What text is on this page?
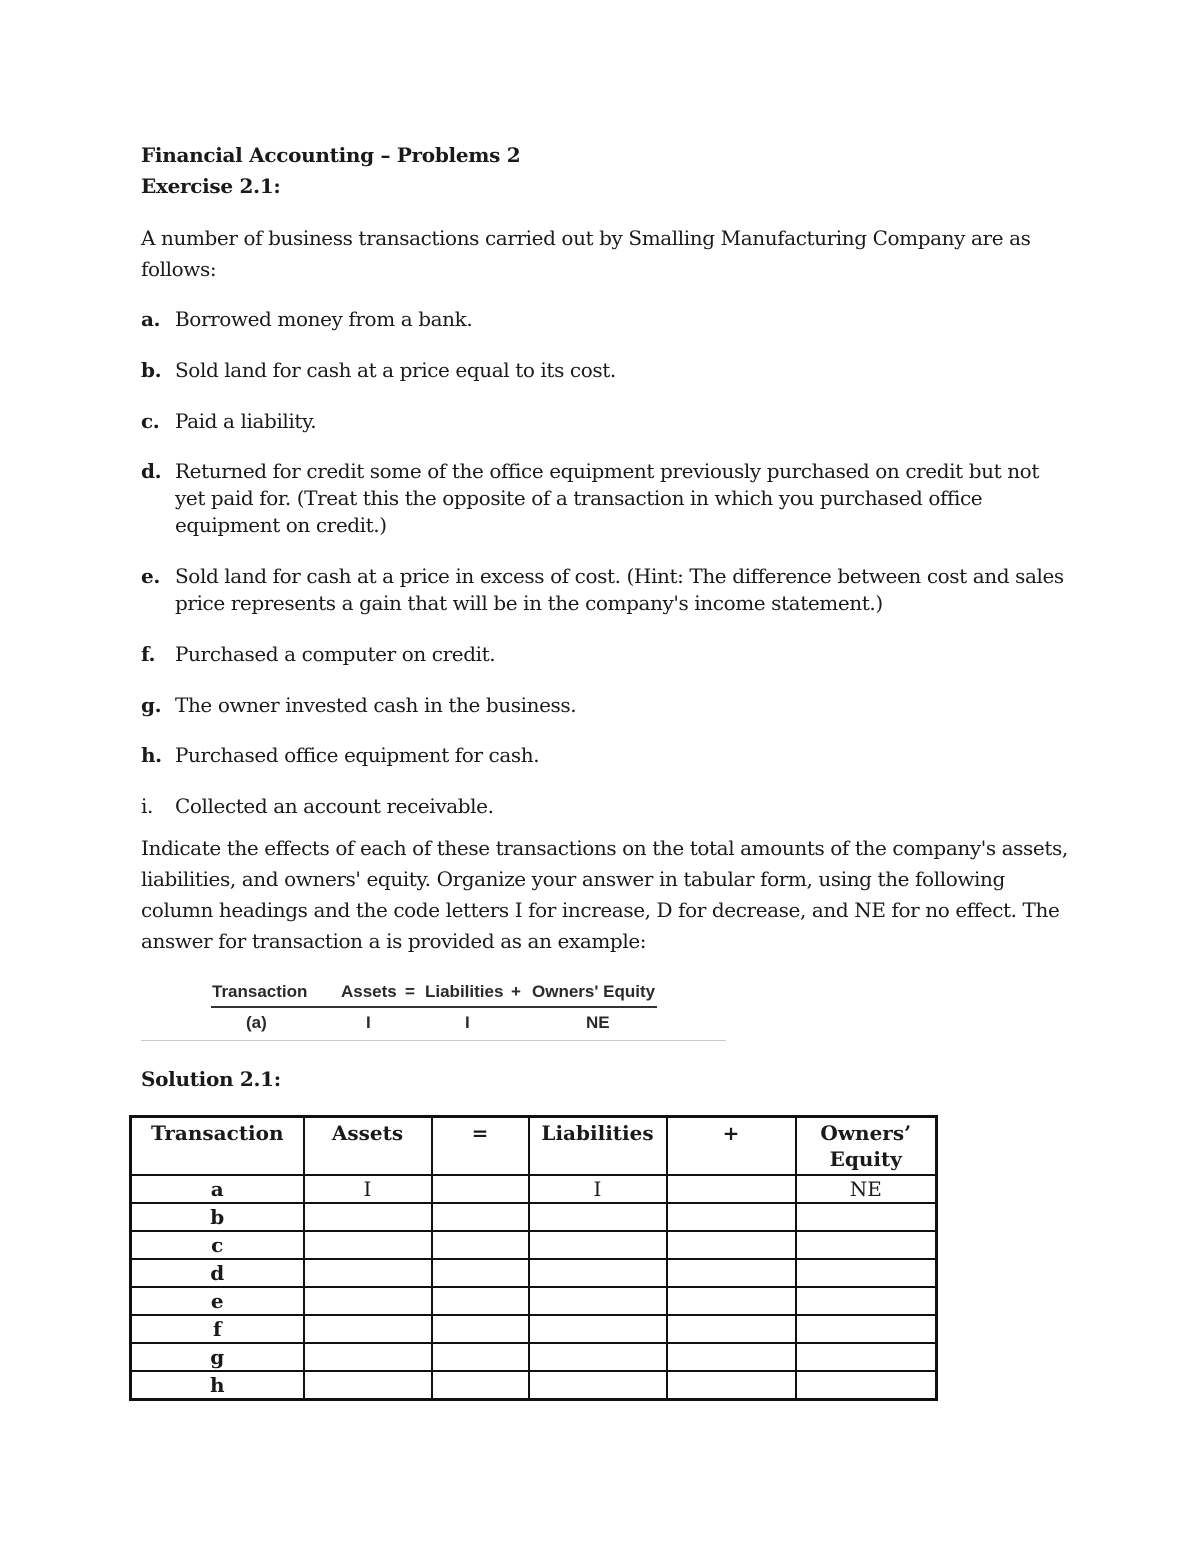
Financial Accounting – Problems 2
Exercise 2.1:

A number of business transactions carried out by Smalling Manufacturing Company are as follows:

a. Borrowed money from a bank.
b. Sold land for cash at a price equal to its cost.
c. Paid a liability.
d. Returned for credit some of the office equipment previously purchased on credit but not yet paid for. (Treat this the opposite of a transaction in which you purchased office equipment on credit.)
e. Sold land for cash at a price in excess of cost. (Hint: The difference between cost and sales price represents a gain that will be in the company's income statement.)
f. Purchased a computer on credit.
g. The owner invested cash in the business.
h. Purchased office equipment for cash.
i. Collected an account receivable.

Indicate the effects of each of these transactions on the total amounts of the company's assets, liabilities, and owners' equity. Organize your answer in tabular form, using the following column headings and the code letters I for increase, D for decrease, and NE for no effect. The answer for transaction a is provided as an example:

Transaction Assets = Liabilities + Owners' Equity
(a)	I	I	NE
Solution 2.1:
Transaction	Assets	=	Liabilities	+	Owners’
Equity
a	I		I		NE
b					
c					
d					
e					
f					
g					
h					
